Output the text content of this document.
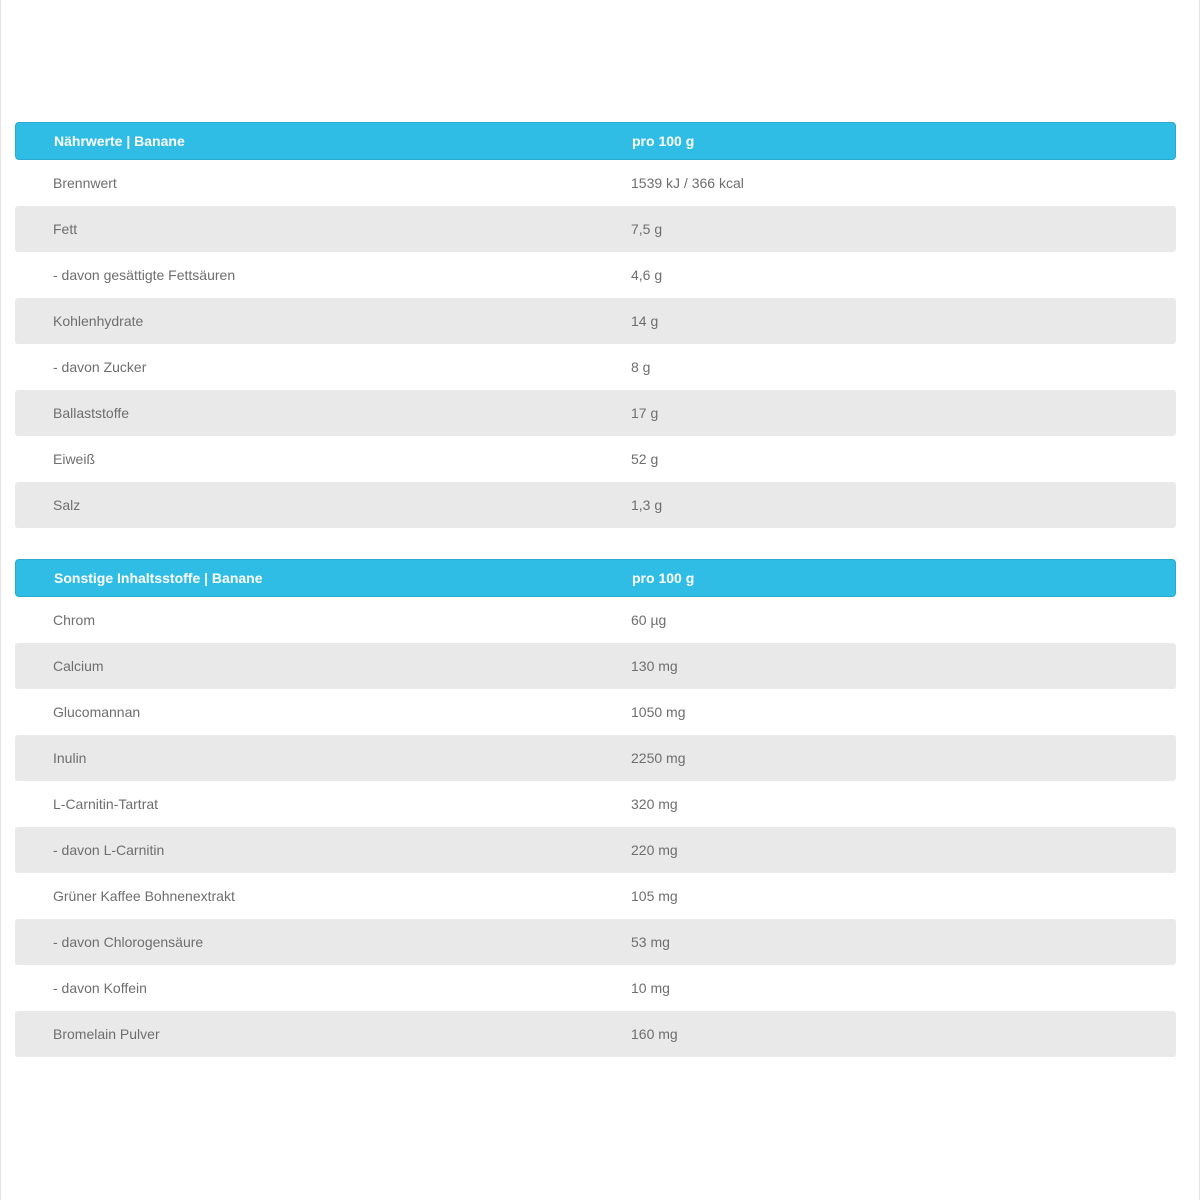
Nährwerte | Banane	pro 100 g
Brennwert	1539 kJ / 366 kcal
Fett	7,5 g
- davon gesättigte Fettsäuren	4,6 g
Kohlenhydrate	14 g
- davon Zucker	8 g
Ballaststoffe	17 g
Eiweiß	52 g
Salz	1,3 g
Sonstige Inhaltsstoffe | Banane	pro 100 g
Chrom	60 µg
Calcium	130 mg
Glucomannan	1050 mg
Inulin	2250 mg
L-Carnitin-Tartrat	320 mg
- davon L-Carnitin	220 mg
Grüner Kaffee Bohnenextrakt	105 mg
- davon Chlorogensäure	53 mg
- davon Koffein	10 mg
Bromelain Pulver	160 mg
